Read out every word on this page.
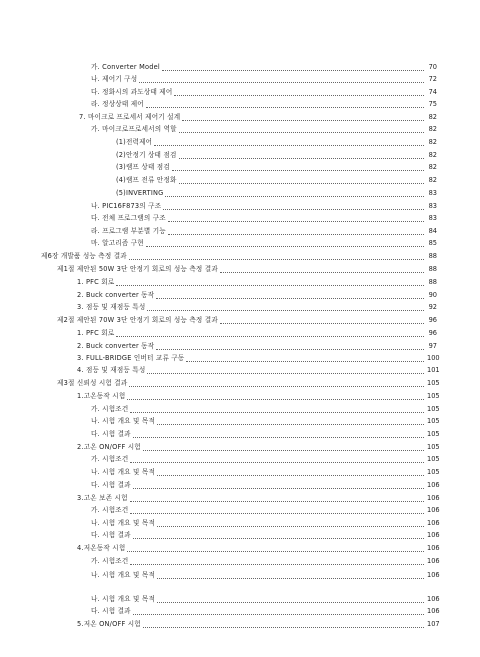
가. Converter Model	70
나. 제어기 구성	72
다. 정화시의 과도상태 제어	74
라. 정상상태 제어	75
7. 마이크로 프로세서 제어기 설계	82
가. 마이크로프로세서의 역할	82
(1)전력제어	82
(2)안정기 상태 점검	82
(3)램프 상태 점검	82
(4)램프 전류 안정화	82
(5)INVERTING	83
나. PIC16F873의 구조	83
다. 전체 프로그램의 구조	83
라. 프로그램 부분별 기능	84
마. 알고리즘 구현	85
제6장 개발품 성능 측정 결과	88
제1절 제안된 50W 3단 안정기 회로의 성능 측정 결과	88
1. PFC 회로	88
2. Buck converter 동작	90
3. 점등 및 재점등 특성	92
제2절 제안된 70W 3단 안정기 회로의 성능 측정 결과	96
1. PFC 회로	96
2. Buck converter 동작	97
3. FULL-BRIDGE 인버터 교류 구동	100
4. 점등 및 재점등 특성	101
제3절 신뢰성 시험 결과	105
1.고온동작 시험	105
가. 시험조건	105
나. 시험 개요 및 목적	105
다. 시험 결과	105
2.고온 ON/OFF 시험	105
가. 시험조건	105
나. 시험 개요 및 목적	105
다. 시험 결과	106
3.고온 보존 시험	106
가. 시험조건	106
나. 시험 개요 및 목적	106
다. 시험 결과	106
4.저온동작 시험	106
가. 시험조건	106
나. 시험 개요 및 목적	106
나. 시험 개요 및 목적	106
다. 시험 결과	106
5.저온 ON/OFF 시험	107
